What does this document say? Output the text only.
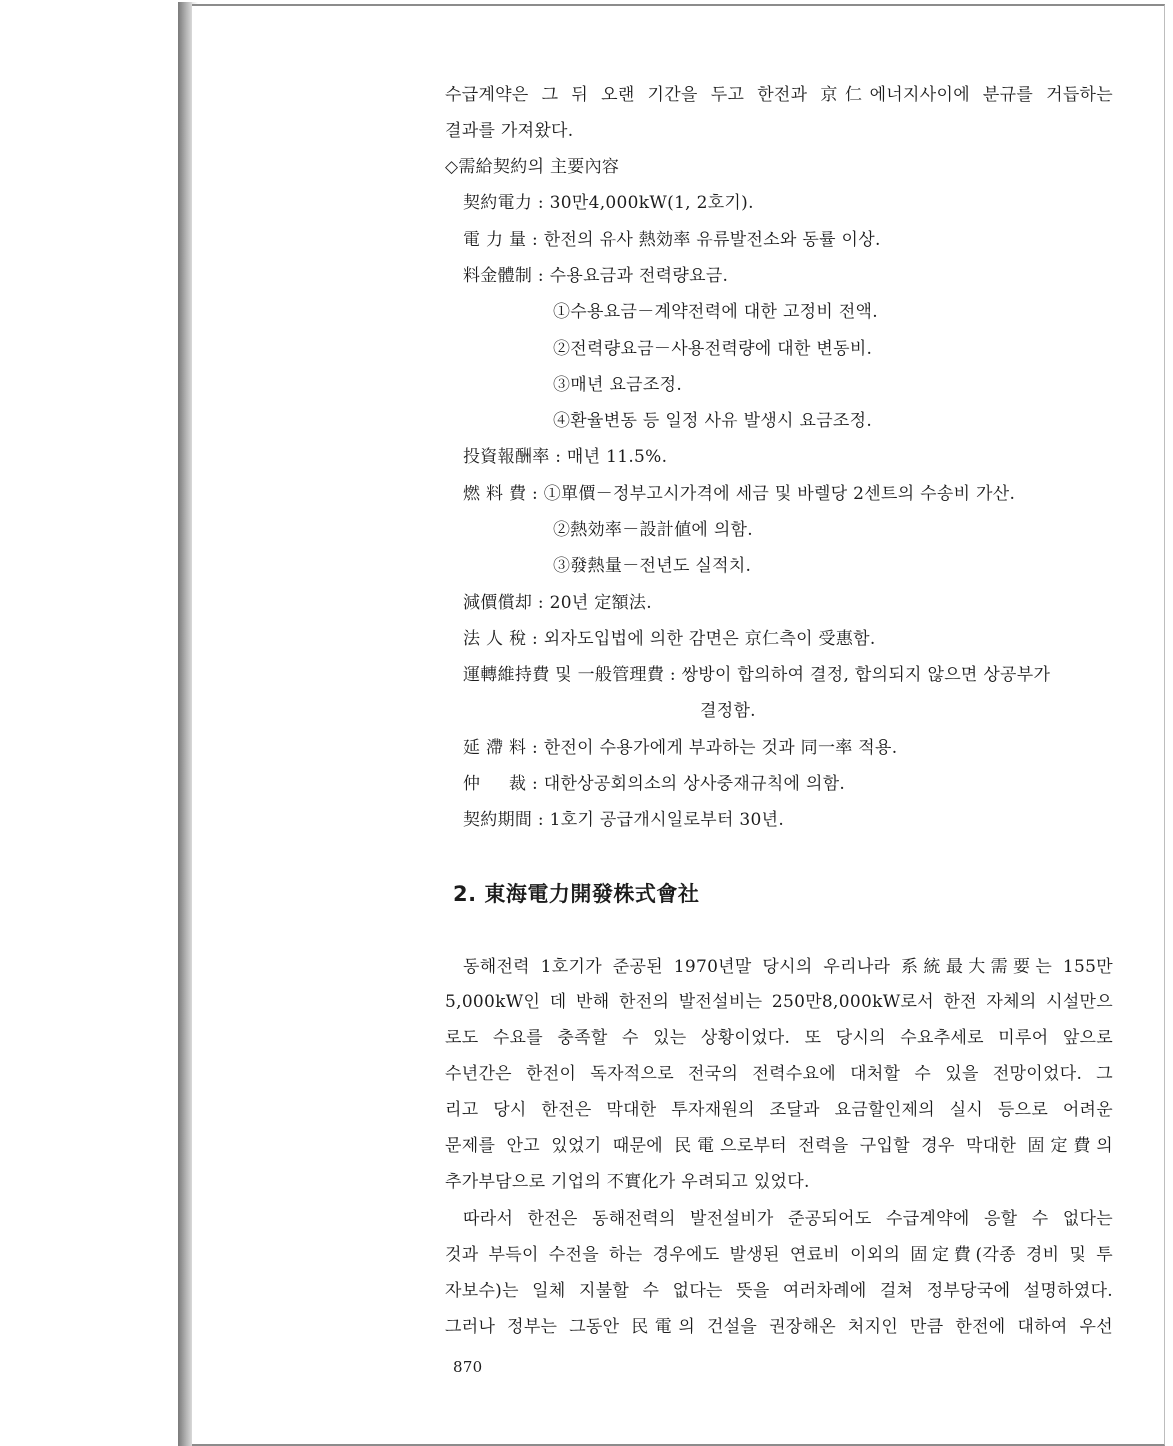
수급계약은 그 뒤 오랜 기간을 두고 한전과 京仁에너지사이에 분규를 거듭하는
결과를 가져왔다.
◇需給契約의 主要內容
契約電力 : 30만4,000kW(1, 2호기).
電 力 量 : 한전의 유사 熱効率 유류발전소와 동률 이상.
料金體制 : 수용요금과 전력량요금.
①수용요금－계약전력에 대한 고정비 전액.
②전력량요금－사용전력량에 대한 변동비.
③매년 요금조정.
④환율변동 등 일정 사유 발생시 요금조정.
投資報酬率 : 매년 11.5%.
燃 料 費 : ①單價－정부고시가격에 세금 및 바렐당 2센트의 수송비 가산.
②熱効率－設計値에 의함.
③發熱量－전년도 실적치.
減價償却 : 20년 定額法.
法 人 稅 : 외자도입법에 의한 감면은 京仁측이 受惠함.
運轉維持費 및 一般管理費 : 쌍방이 합의하여 결정, 합의되지 않으면 상공부가
결정함.
延 滯 料 : 한전이 수용가에게 부과하는 것과 同一率 적용.
仲 　 裁 : 대한상공회의소의 상사중재규칙에 의함.
契約期間 : 1호기 공급개시일로부터 30년.
2. 東海電力開發株式會社
동해전력 1호기가 준공된 1970년말 당시의 우리나라 系統最大需要는 155만
5,000kW인 데 반해 한전의 발전설비는 250만8,000kW로서 한전 자체의 시설만으
로도 수요를 충족할 수 있는 상황이었다. 또 당시의 수요추세로 미루어 앞으로
수년간은 한전이 독자적으로 전국의 전력수요에 대처할 수 있을 전망이었다. 그
리고 당시 한전은 막대한 투자재원의 조달과 요금할인제의 실시 등으로 어려운
문제를 안고 있었기 때문에 民電으로부터 전력을 구입할 경우 막대한 固定費의
추가부담으로 기업의 不實化가 우려되고 있었다.
따라서 한전은 동해전력의 발전설비가 준공되어도 수급계약에 응할 수 없다는
것과 부득이 수전을 하는 경우에도 발생된 연료비 이외의 固定費(각종 경비 및 투
자보수)는 일체 지불할 수 없다는 뜻을 여러차례에 걸쳐 정부당국에 설명하였다.
그러나 정부는 그동안 民電의 건설을 권장해온 처지인 만큼 한전에 대하여 우선
870
